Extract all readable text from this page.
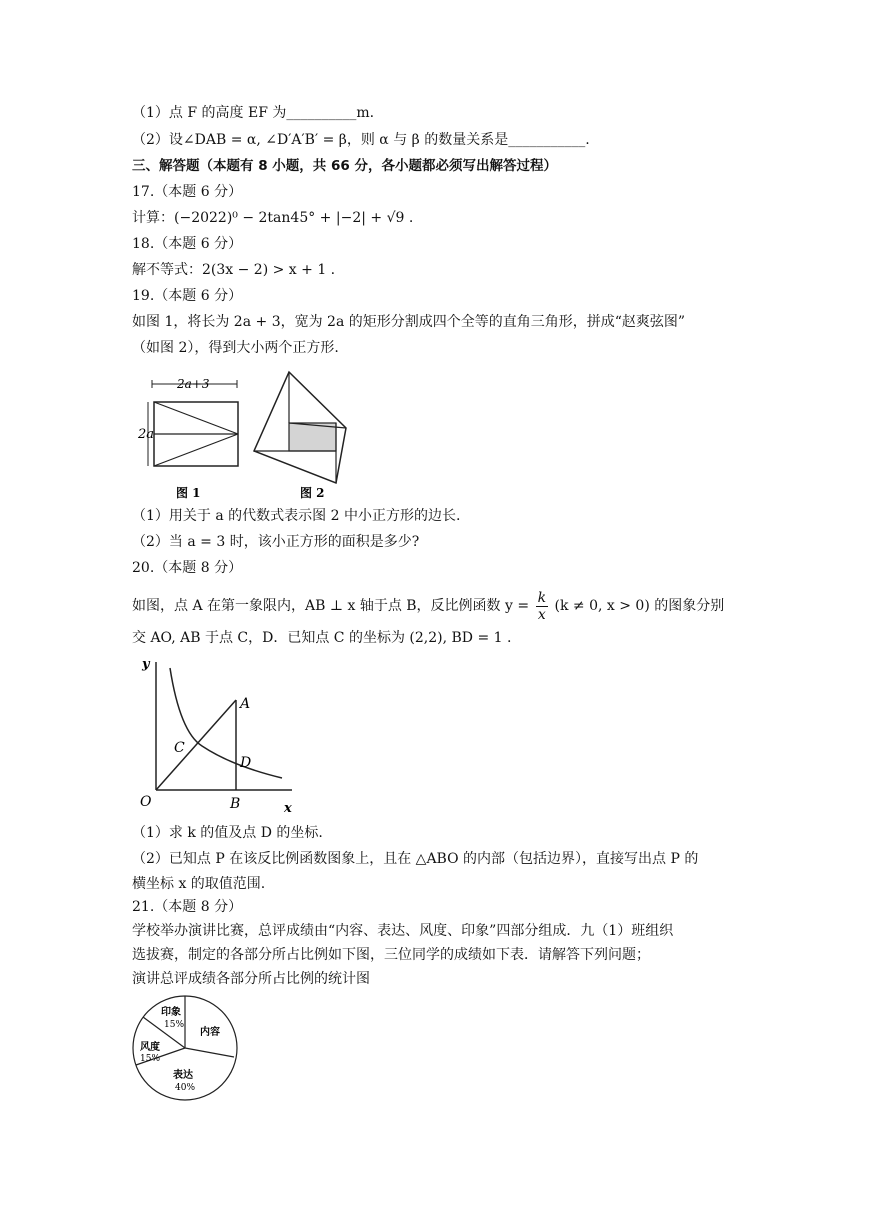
（1）点 F 的高度 EF 为__________m.
（2）设∠DAB = α, ∠D′A′B′ = β，则 α 与 β 的数量关系是___________.
三、解答题（本题有 8 小题，共 66 分，各小题都必须写出解答过程）
17.（本题 6 分）
计算：(−2022)⁰ − 2tan45° + |−2| + √9 .
18.（本题 6 分）
解不等式：2(3x − 2) > x + 1 .
19.（本题 6 分）
如图 1，将长为 2a + 3，宽为 2a 的矩形分割成四个全等的直角三角形，拼成“赵爽弦图”
（如图 2），得到大小两个正方形.
2a+3
2a
图 1	图 2
（1）用关于 a 的代数式表示图 2 中小正方形的边长.
（2）当 a = 3 时，该小正方形的面积是多少?
20.（本题 8 分）
如图，点 A 在第一象限内，AB ⊥ x 轴于点 B，反比例函数 $y = \frac{k}{x} (k \ne 0$, x > 0) 的图象分别
交 AO, AB 于点 C，D．已知点 C 的坐标为 (2,2), BD = 1 .
y
x
O
A
B
C
D
（1）求 k 的值及点 D 的坐标.
（2）已知点 P 在该反比例函数图象上，且在 △ABO 的内部（包括边界），直接写出点 P 的
横坐标 x 的取值范围.
21.（本题 8 分）
学校举办演讲比赛，总评成绩由“内容、表达、风度、印象”四部分组成．九（1）班组织
选拔赛，制定的各部分所占比例如下图，三位同学的成绩如下表．请解答下列问题；
演讲总评成绩各部分所占比例的统计图
印象
15%
风度
15%
表达
40%
内容
